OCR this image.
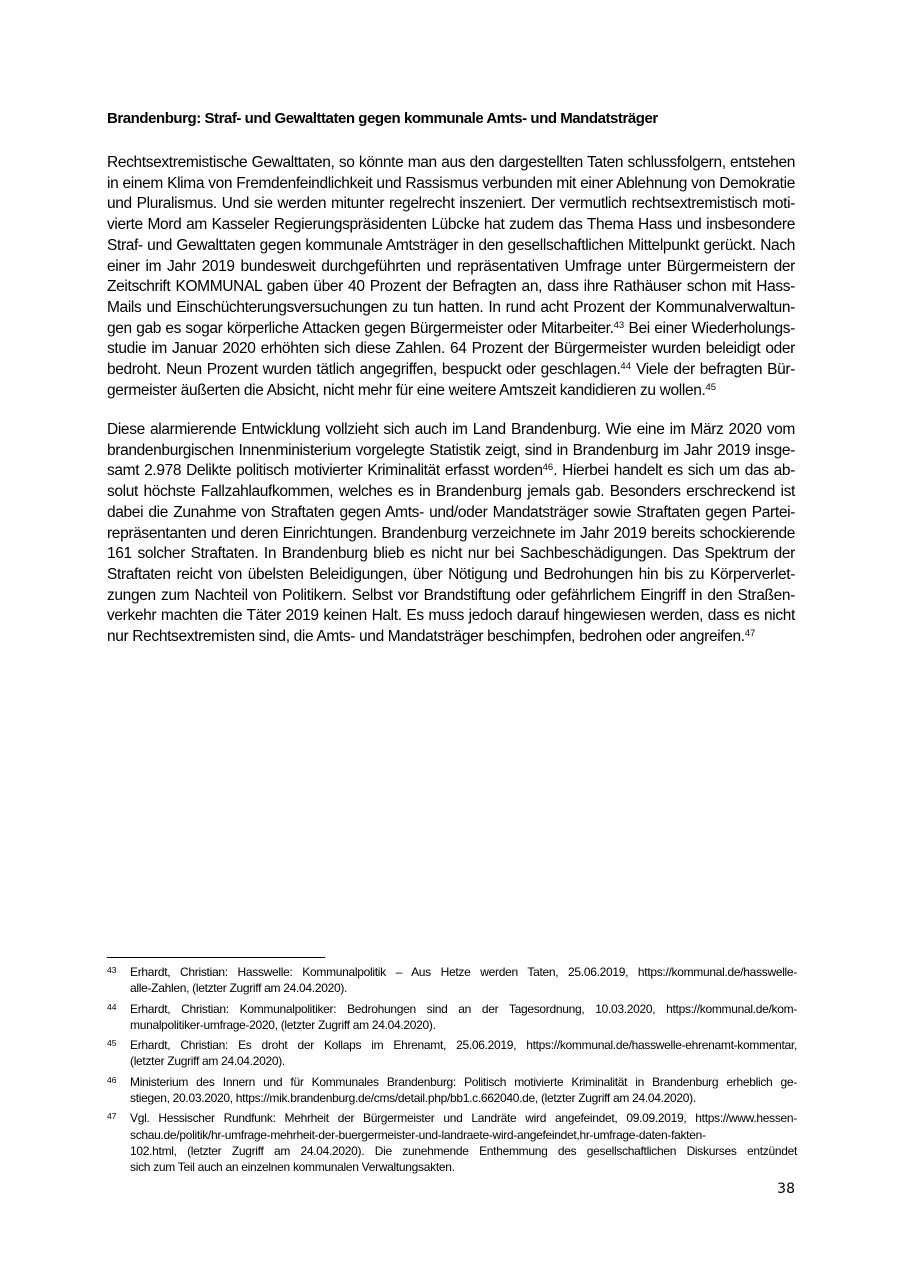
Brandenburg: Straf- und Gewalttaten gegen kommunale Amts- und Mandatsträger

Rechtsextremistische Gewalttaten, so könnte man aus den dargestellten Taten schlussfolgern, entstehen
in einem Klima von Fremdenfeindlichkeit und Rassismus verbunden mit einer Ablehnung von Demokratie
und Pluralismus. Und sie werden mitunter regelrecht inszeniert. Der vermutlich rechtsextremistisch moti-
vierte Mord am Kasseler Regierungspräsidenten Lübcke hat zudem das Thema Hass und insbesondere
Straf- und Gewalttaten gegen kommunale Amtsträger in den gesellschaftlichen Mittelpunkt gerückt. Nach
einer im Jahr 2019 bundesweit durchgeführten und repräsentativen Umfrage unter Bürgermeistern der
Zeitschrift KOMMUNAL gaben über 40 Prozent der Befragten an, dass ihre Rathäuser schon mit Hass-
Mails und Einschüchterungsversuchungen zu tun hatten. In rund acht Prozent der Kommunalverwaltun-
gen gab es sogar körperliche Attacken gegen Bürgermeister oder Mitarbeiter.$^{43}$ Bei einer Wiederholungs-
studie im Januar 2020 erhöhten sich diese Zahlen. 64 Prozent der Bürgermeister wurden beleidigt oder
bedroht. Neun Prozent wurden tätlich angegriffen, bespuckt oder geschlagen.$^{44}$ Viele der befragten Bür-
germeister äußerten die Absicht, nicht mehr für eine weitere Amtszeit kandidieren zu wollen.$^{45}$

Diese alarmierende Entwicklung vollzieht sich auch im Land Brandenburg. Wie eine im März 2020 vom
brandenburgischen Innenministerium vorgelegte Statistik zeigt, sind in Brandenburg im Jahr 2019 insge-
samt 2.978 Delikte politisch motivierter Kriminalität erfasst worden$^{46}$. Hierbei handelt es sich um das ab-
solut höchste Fallzahlaufkommen, welches es in Brandenburg jemals gab. Besonders erschreckend ist
dabei die Zunahme von Straftaten gegen Amts- und/oder Mandatsträger sowie Straftaten gegen Partei-
repräsentanten und deren Einrichtungen. Brandenburg verzeichnete im Jahr 2019 bereits schockierende
161 solcher Straftaten. In Brandenburg blieb es nicht nur bei Sachbeschädigungen. Das Spektrum der
Straftaten reicht von übelsten Beleidigungen, über Nötigung und Bedrohungen hin bis zu Körperverlet-
zungen zum Nachteil von Politikern. Selbst vor Brandstiftung oder gefährlichem Eingriff in den Straßen-
verkehr machten die Täter 2019 keinen Halt. Es muss jedoch darauf hingewiesen werden, dass es nicht
nur Rechtsextremisten sind, die Amts- und Mandatsträger beschimpfen, bedrohen oder angreifen.$^{47}$

43 Erhardt, Christian: Hasswelle: Kommunalpolitik – Aus Hetze werden Taten, 25.06.2019, https://kommunal.de/hasswelle-
alle-Zahlen, (letzter Zugriff am 24.04.2020).
44 Erhardt, Christian: Kommunalpolitiker: Bedrohungen sind an der Tagesordnung, 10.03.2020, https://kommunal.de/kom-
munalpolitiker-umfrage-2020, (letzter Zugriff am 24.04.2020).
45 Erhardt, Christian: Es droht der Kollaps im Ehrenamt, 25.06.2019, https://kommunal.de/hasswelle-ehrenamt-kommentar,
(letzter Zugriff am 24.04.2020).
46 Ministerium des Innern und für Kommunales Brandenburg: Politisch motivierte Kriminalität in Brandenburg erheblich ge-
stiegen, 20.03.2020, https://mik.brandenburg.de/cms/detail.php/bb1.c.662040.de, (letzter Zugriff am 24.04.2020).
47 Vgl. Hessischer Rundfunk: Mehrheit der Bürgermeister und Landräte wird angefeindet, 09.09.2019, https://www.hessen-
schau.de/politik/hr-umfrage-mehrheit-der-buergermeister-und-landraete-wird-angefeindet,hr-umfrage-daten-fakten-
102.html, (letzter Zugriff am 24.04.2020). Die zunehmende Enthemmung des gesellschaftlichen Diskurses entzündet
sich zum Teil auch an einzelnen kommunalen Verwaltungsakten.
38
